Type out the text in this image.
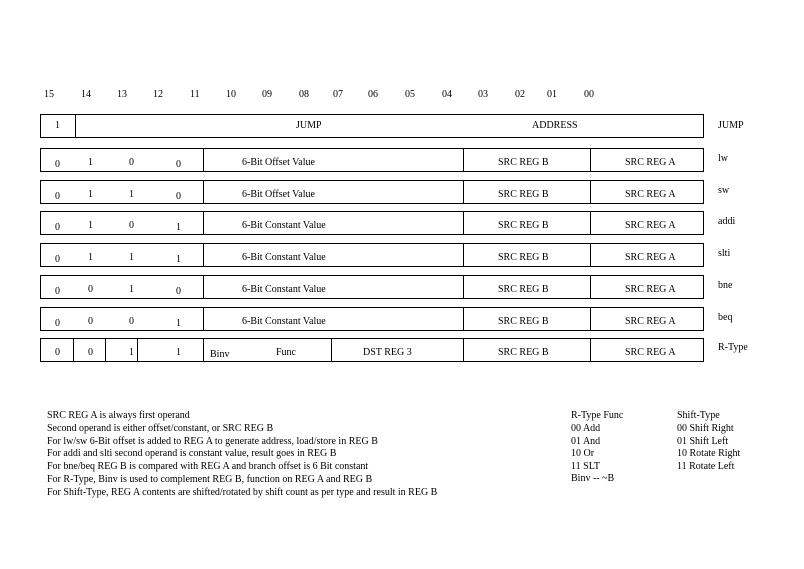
15	14	13	12	11	10	09	08 07	06	05	04	03	02 01	00
1	JUMP	ADDRESS	JUMP
0	1	0	0	6-Bit Offset Value	SRC REG B	SRC REG A	lw
0	1	1	0	6-Bit Offset Value	SRC REG B	SRC REG A	sw
0	1	0	1	6-Bit Constant Value	SRC REG B	SRC REG A	addi
0	1	1	1	6-Bit Constant Value	SRC REG B	SRC REG A	slti
0	0	1	0	6-Bit Constant Value	SRC REG B	SRC REG A	bne
0	0	0	1	6-Bit Constant Value	SRC REG B	SRC REG A	beq
0	0	1	1	Binv	Func	DST REG 3	SRC REG B	SRC REG A	R-Type
SRC REG A is always first operand
Second operand is either offset/constant, or SRC REG B
For lw/sw 6-Bit offset is added to REG A to generate address, load/store in REG B
For addi and slti second operand is constant value, result goes in REG B
For bne/beq REG B is compared with REG A and branch offset is 6 Bit constant
For R-Type, Binv is used to complement REG B, function on REG A and REG B
For Shift-Type, REG A contents are shifted/rotated by shift count as per type and result in REG B
R-Type Func
00 Add
01 And
10 Or
11 SLT
Binv -- ~B
Shift-Type
00 Shift Right
01 Shift Left
10 Rotate Right
11 Rotate Left
